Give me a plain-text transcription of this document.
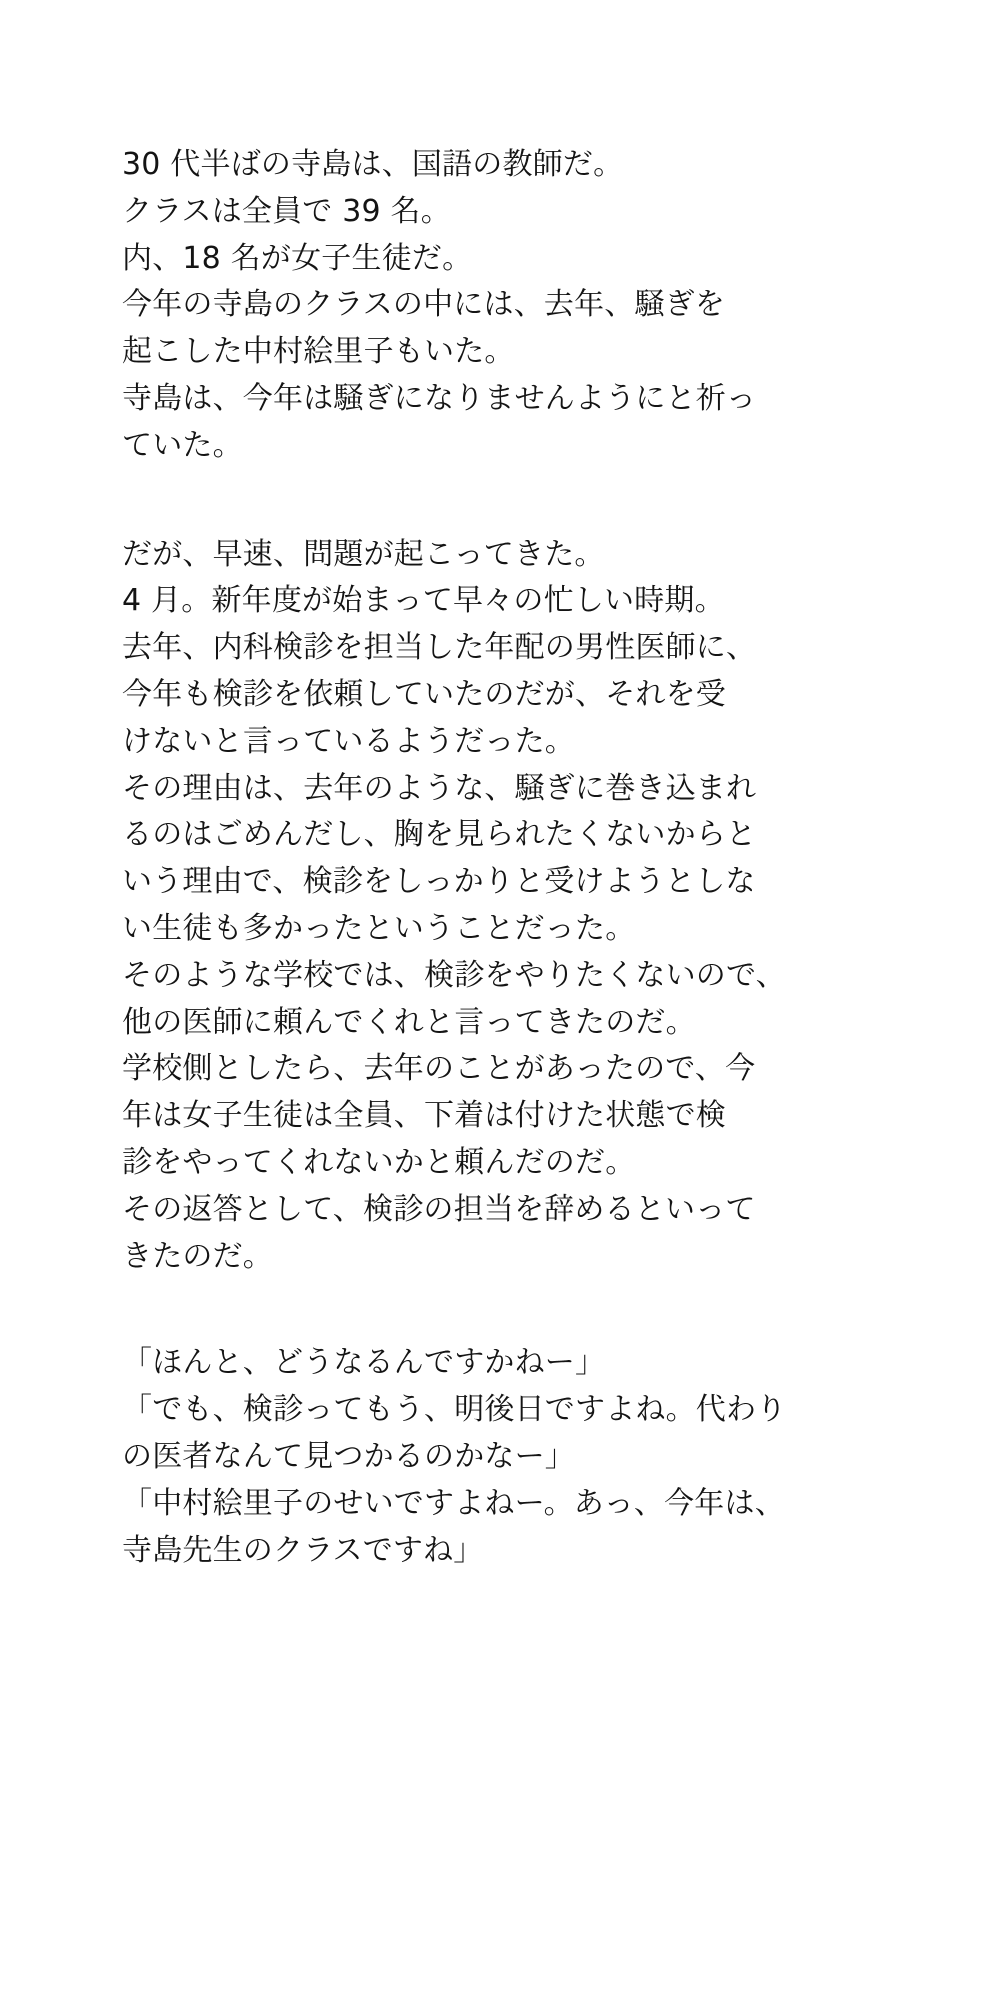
30 代半ばの寺島は、国語の教師だ。
クラスは全員で 39 名。
内、18 名が女子生徒だ。
今年の寺島のクラスの中には、去年、騒ぎを
起こした中村絵里子もいた。
寺島は、今年は騒ぎになりませんようにと祈っ
ていた。
だが、早速、問題が起こってきた。
4 月。新年度が始まって早々の忙しい時期。
去年、内科検診を担当した年配の男性医師に、
今年も検診を依頼していたのだが、それを受
けないと言っているようだった。
その理由は、去年のような、騒ぎに巻き込まれ
るのはごめんだし、胸を見られたくないからと
いう理由で、検診をしっかりと受けようとしな
い生徒も多かったということだった。
そのような学校では、検診をやりたくないので、
他の医師に頼んでくれと言ってきたのだ。
学校側としたら、去年のことがあったので、今
年は女子生徒は全員、下着は付けた状態で検
診をやってくれないかと頼んだのだ。
その返答として、検診の担当を辞めるといって
きたのだ。
「ほんと、どうなるんですかねー」
「でも、検診ってもう、明後日ですよね。代わり
の医者なんて見つかるのかなー」
「中村絵里子のせいですよねー。あっ、今年は、
寺島先生のクラスですね」
